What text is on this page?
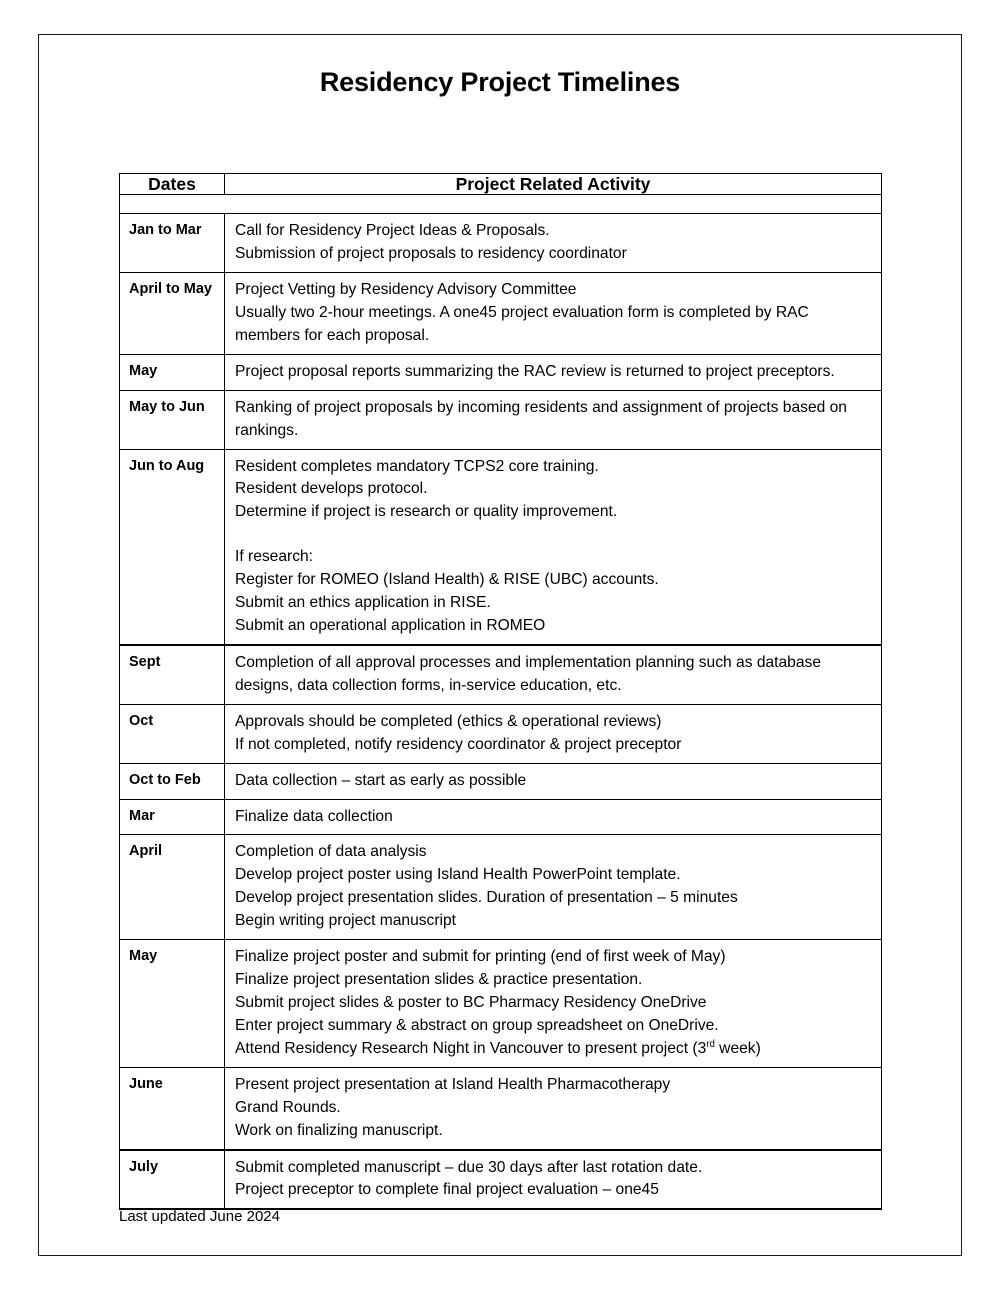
Residency Project Timelines
Dates	Project Related Activity

Jan to Mar	Call for Residency Project Ideas & Proposals.
Submission of project proposals to residency coordinator

April to May	Project Vetting by Residency Advisory Committee
Usually two 2-hour meetings. A one45 project evaluation form is completed by RAC members for each proposal.

May	Project proposal reports summarizing the RAC review is returned to project preceptors.

May to Jun	Ranking of project proposals by incoming residents and assignment of projects based on rankings.

Jun to Aug	Resident completes mandatory TCPS2 core training.
Resident develops protocol.
Determine if project is research or quality improvement.
If research:
Register for ROMEO (Island Health) & RISE (UBC) accounts.
Submit an ethics application in RISE.
Submit an operational application in ROMEO

Sept	Completion of all approval processes and implementation planning such as database designs, data collection forms, in-service education, etc.

Oct	Approvals should be completed (ethics & operational reviews)
If not completed, notify residency coordinator & project preceptor

Oct to Feb	Data collection – start as early as possible

Mar	Finalize data collection

April	Completion of data analysis
Develop project poster using Island Health PowerPoint template.
Develop project presentation slides. Duration of presentation – 5 minutes
Begin writing project manuscript

May	Finalize project poster and submit for printing (end of first week of May)
Finalize project presentation slides & practice presentation.
Submit project slides & poster to BC Pharmacy Residency OneDrive
Enter project summary & abstract on group spreadsheet on OneDrive.
Attend Residency Research Night in Vancouver to present project (3rd week)

June	Present project presentation at Island Health Pharmacotherapy
Grand Rounds.
Work on finalizing manuscript.

July	Submit completed manuscript – due 30 days after last rotation date.
Project preceptor to complete final project evaluation – one45
Last updated June 2024
